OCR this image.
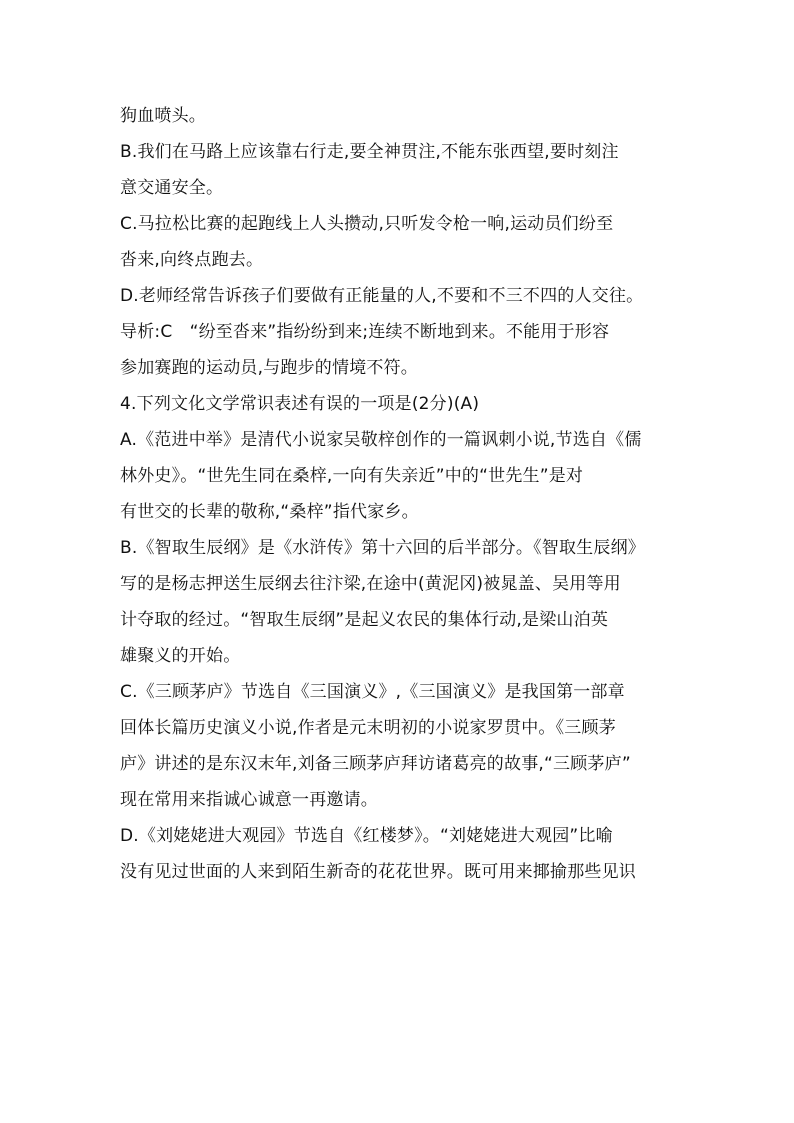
狗血喷头。
B.我们在马路上应该靠右行走,要全神贯注,不能东张西望,要时刻注
意交通安全。
C.马拉松比赛的起跑线上人头攒动,只听发令枪一响,运动员们纷至
沓来,向终点跑去。
D.老师经常告诉孩子们要做有正能量的人,不要和不三不四的人交往。
导析:C　“纷至沓来”指纷纷到来;连续不断地到来。不能用于形容
参加赛跑的运动员,与跑步的情境不符。
4.下列文化文学常识表述有误的一项是(2分)(A)
A.《范进中举》是清代小说家吴敬梓创作的一篇讽刺小说,节选自《儒
林外史》。“世先生同在桑梓,一向有失亲近”中的“世先生”是对
有世交的长辈的敬称,“桑梓”指代家乡。
B.《智取生辰纲》是《水浒传》第十六回的后半部分。《智取生辰纲》
写的是杨志押送生辰纲去往汴梁,在途中(黄泥冈)被晁盖、吴用等用
计夺取的经过。“智取生辰纲”是起义农民的集体行动,是梁山泊英
雄聚义的开始。
C.《三顾茅庐》节选自《三国演义》,《三国演义》是我国第一部章
回体长篇历史演义小说,作者是元末明初的小说家罗贯中。《三顾茅
庐》讲述的是东汉末年,刘备三顾茅庐拜访诸葛亮的故事,“三顾茅庐”
现在常用来指诚心诚意一再邀请。
D.《刘姥姥进大观园》节选自《红楼梦》。“刘姥姥进大观园”比喻
没有见过世面的人来到陌生新奇的花花世界。既可用来揶揄那些见识
